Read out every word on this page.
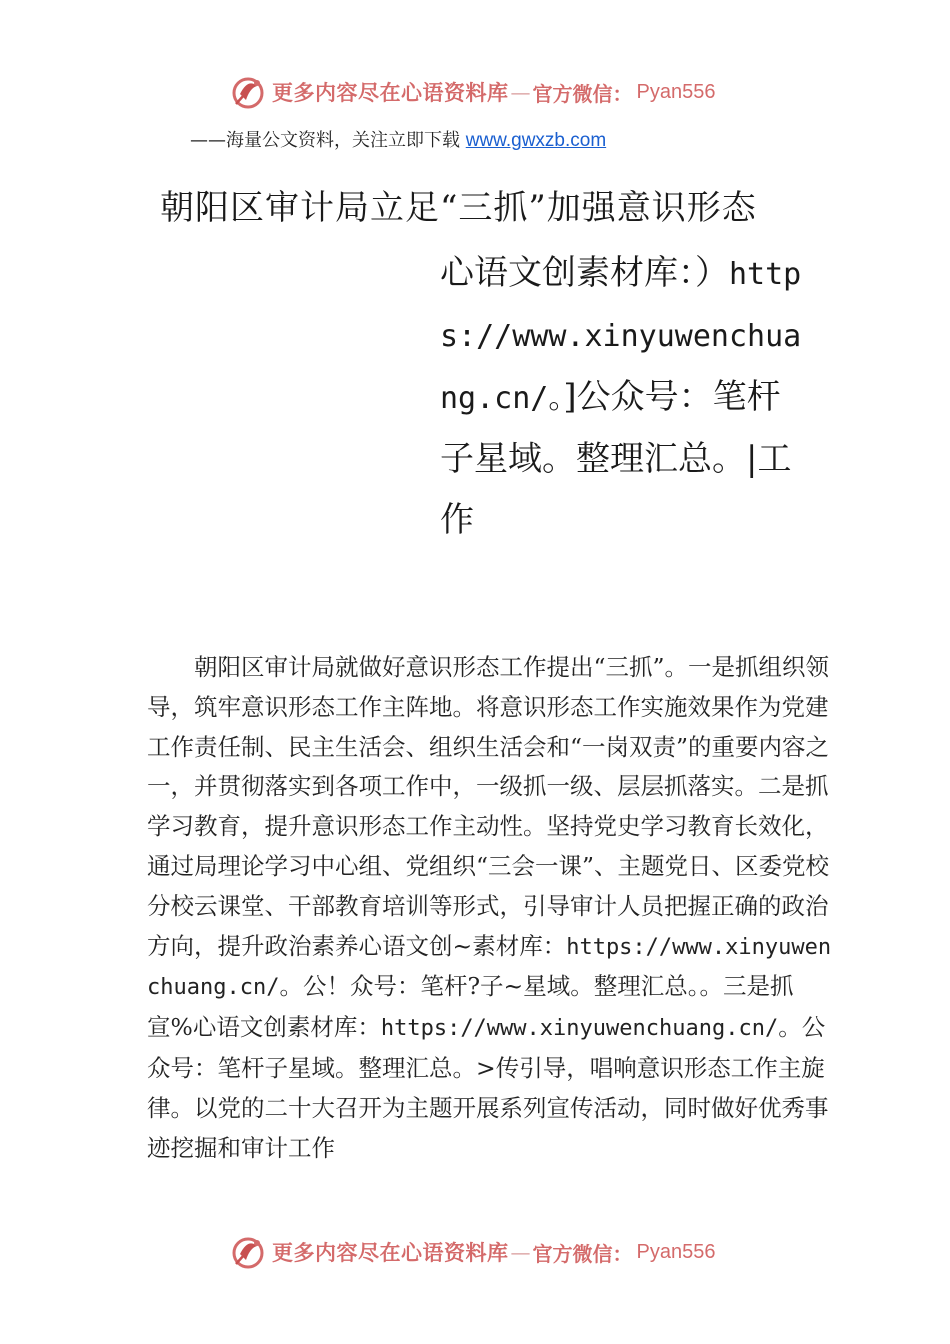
更多内容尽在心语资料库 — 官方微信： Pyan556
——海量公文资料，关注立即下载 www.gwxzb.com
朝阳区审计局立足“三抓”加强意识形态
心语文创素材库：）https://www.xinyuwenchuang.cn/。]公众号：笔杆子星域。整理汇总。|工作
朝阳区审计局就做好意识形态工作提出“三抓”。一是抓组织领导，筑牢意识形态工作主阵地。将意识形态工作实施效果作为党建工作责任制、民主生活会、组织生活会和“一岗双责”的重要内容之一，并贯彻落实到各项工作中，一级抓一级、层层抓落实。二是抓学习教育，提升意识形态工作主动性。坚持党史学习教育长效化，通过局理论学习中心组、党组织“三会一课”、主题党日、区委党校分校云课堂、干部教育培训等形式，引导审计人员把握正确的政治方向，提升政治素养心语文创~素材库：https://www.xinyuwenchuang.cn/。公！众号：笔杆?子~星域。整理汇总。。三是抓宣%心语文创素材库：https://www.xinyuwenchuang.cn/。公众号：笔杆子星域。整理汇总。>传引导，唱响意识形态工作主旋律。以党的二十大召开为主题开展系列宣传活动，同时做好优秀事迹挖掘和审计工作
更多内容尽在心语资料库 — 官方微信： Pyan556
